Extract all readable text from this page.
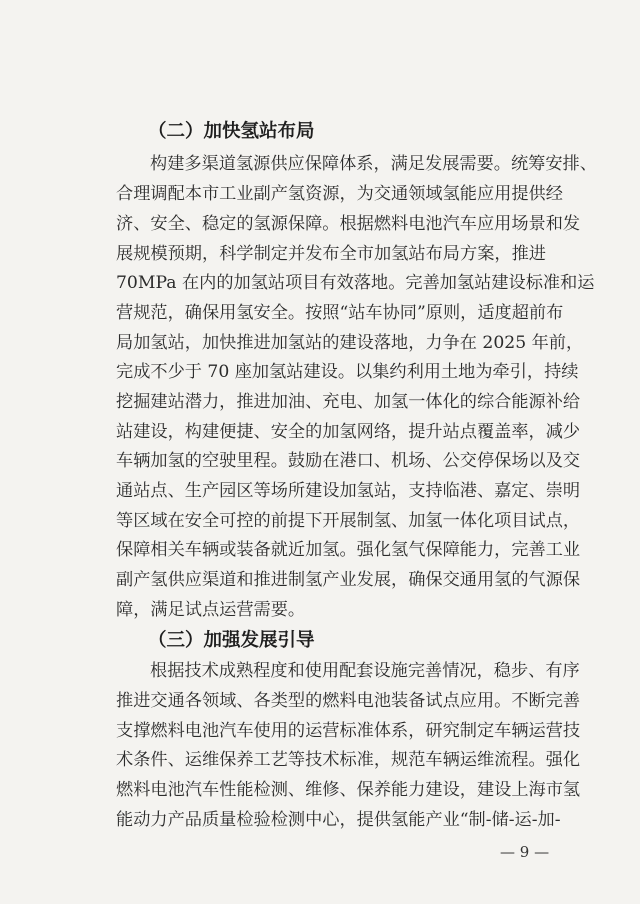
（二）加快氢站布局
构建多渠道氢源供应保障体系，满足发展需要。统筹安排、
合理调配本市工业副产氢资源，为交通领域氢能应用提供经
济、安全、稳定的氢源保障。根据燃料电池汽车应用场景和发
展规模预期，科学制定并发布全市加氢站布局方案，推进
70MPa 在内的加氢站项目有效落地。完善加氢站建设标准和运
营规范，确保用氢安全。按照“站车协同”原则，适度超前布
局加氢站，加快推进加氢站的建设落地，力争在 2025 年前，
完成不少于 70 座加氢站建设。以集约利用土地为牵引，持续
挖掘建站潜力，推进加油、充电、加氢一体化的综合能源补给
站建设，构建便捷、安全的加氢网络，提升站点覆盖率，减少
车辆加氢的空驶里程。鼓励在港口、机场、公交停保场以及交
通站点、生产园区等场所建设加氢站，支持临港、嘉定、崇明
等区域在安全可控的前提下开展制氢、加氢一体化项目试点，
保障相关车辆或装备就近加氢。强化氢气保障能力，完善工业
副产氢供应渠道和推进制氢产业发展，确保交通用氢的气源保
障，满足试点运营需要。
（三）加强发展引导
根据技术成熟程度和使用配套设施完善情况，稳步、有序
推进交通各领域、各类型的燃料电池装备试点应用。不断完善
支撑燃料电池汽车使用的运营标准体系，研究制定车辆运营技
术条件、运维保养工艺等技术标准，规范车辆运维流程。强化
燃料电池汽车性能检测、维修、保养能力建设，建设上海市氢
能动力产品质量检验检测中心，提供氢能产业“制-储-运-加-
— 9 —
